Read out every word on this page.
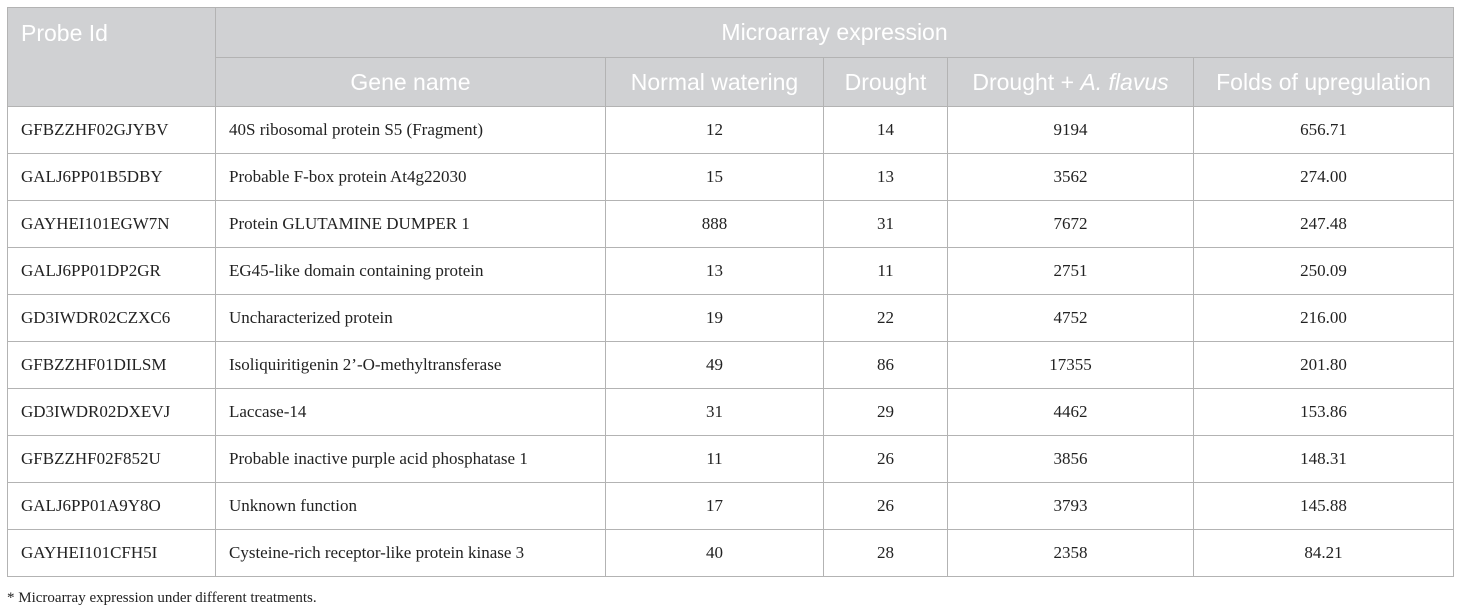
Probe Id	Microarray expression				
	Gene name	Normal watering	Drought	Drought + A. flavus	Folds of upregulation
GFBZZHF02GJYBV	40S ribosomal protein S5 (Fragment)	12	14	9194	656.71
GALJ6PP01B5DBY	Probable F-box protein At4g22030	15	13	3562	274.00
GAYHEI101EGW7N	Protein GLUTAMINE DUMPER 1	888	31	7672	247.48
GALJ6PP01DP2GR	EG45-like domain containing protein	13	11	2751	250.09
GD3IWDR02CZXC6	Uncharacterized protein	19	22	4752	216.00
GFBZZHF01DILSM	Isoliquiritigenin 2’-O-methyltransferase	49	86	17355	201.80
GD3IWDR02DXEVJ	Laccase-14	31	29	4462	153.86
GFBZZHF02F852U	Probable inactive purple acid phosphatase 1	11	26	3856	148.31
GALJ6PP01A9Y8O	Unknown function	17	26	3793	145.88
GAYHEI101CFH5I	Cysteine-rich receptor-like protein kinase 3	40	28	2358	84.21
* Microarray expression under different treatments.
